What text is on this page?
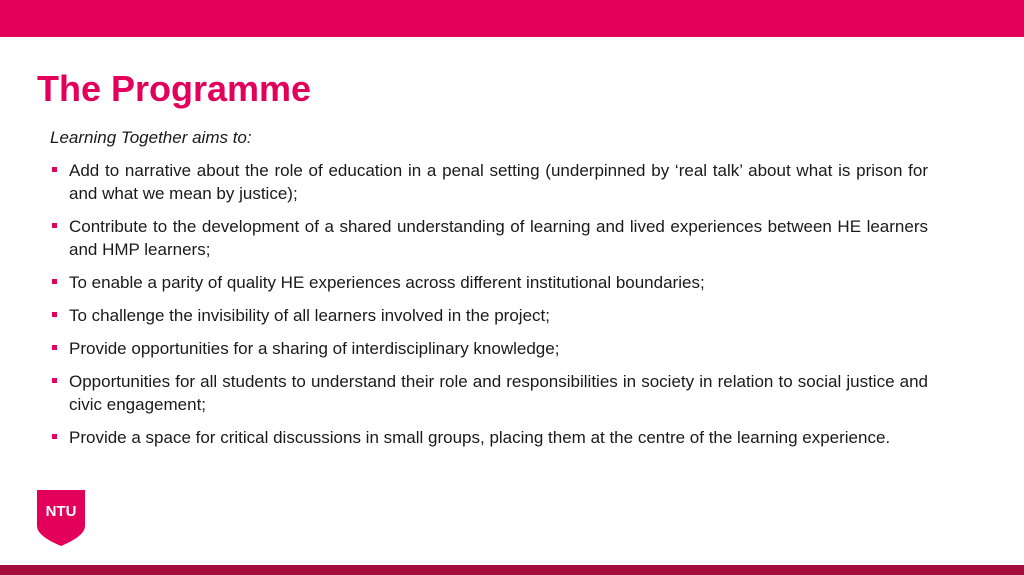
The Programme
Learning Together aims to:
Add to narrative about the role of education in a penal setting (underpinned by ‘real talk’ about what is prison for and what we mean by justice);
Contribute to the development of a shared understanding of learning and lived experiences between HE learners and HMP learners;
To enable a parity of quality HE experiences across different institutional boundaries;
To challenge the invisibility of all learners involved in the project;
Provide opportunities for a sharing of interdisciplinary knowledge;
Opportunities for all students to understand their role and responsibilities in society in relation to social justice and civic engagement;
Provide a space for critical discussions in small groups, placing them at the centre of the learning experience.
NTU
